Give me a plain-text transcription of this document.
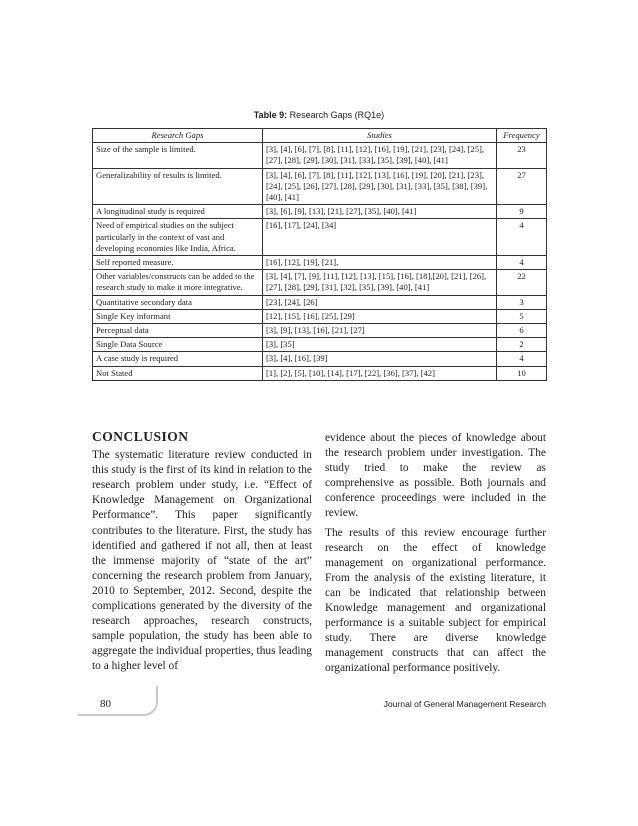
Table 9: Research Gaps (RQ1e)
Research Gaps	Studies	Frequency
Size of the sample is limited.	[3], [4], [6], [7], [8], [11], [12], [16], [19], [21], [23], [24], [25], [27], [28], [29], [30], [31], [33], [35], [39], [40], [41]	23
Generalizability of results is limited.	[3], [4], [6], [7], [8], [11], [12], [13], [16], [19], [20], [21], [23], [24], [25], [26], [27], [28], [29], [30], [31], [33], [35], [38], [39], [40], [41]	27
A longitudinal study is required	[3], [6], [9], [13], [21], [27], [35], [40], [41]	9
Need of empirical studies on the subject particularly in the context of vast and developing economies like India, Africa.	[16], [17], [24], [34]	4
Self reported measure.	[16], [12], [19], [21],	4
Other variables/constructs can be added to the research study to make it more integrative.	[3], [4], [7], [9], [11], [12], [13], [15], [16], [18],[20], [21], [26], [27], [28], [29], [31], [32], [35], [39], [40], [41]	22
Quantitative secondary data	[23], [24], [26]	3
Single Key informant	[12], [15], [16], [25], [29]	5
Perceptual data	[3], [9], [13], [16], [21], [27]	6
Single Data Source	[3], [35]	2
A case study is required	[3], [4], [16], [39]	4
Not Stated	[1], [2], [5], [10], [14], [17], [22], [36], [37], [42]	10
CONCLUSION

The systematic literature review conducted in this study is the first of its kind in relation to the research problem under study, i.e. “Effect of Knowledge Management on Organizational Performance”. This paper significantly contributes to the literature. First, the study has identified and gathered if not all, then at least the immense majority of “state of the art” concerning the research problem from January, 2010 to September, 2012. Second, despite the complications generated by the diversity of the research approaches, research constructs, sample population, the study has been able to aggregate the individual properties, thus leading to a higher level of

evidence about the pieces of knowledge about the research problem under investigation. The study tried to make the review as comprehensive as possible. Both journals and conference proceedings were included in the review.

The results of this review encourage further research on the effect of knowledge management on organizational performance. From the analysis of the existing literature, it can be indicated that relationship between Knowledge management and organizational performance is a suitable subject for empirical study. There are diverse knowledge management constructs that can affect the organizational performance positively.

80	Journal of General Management Research
